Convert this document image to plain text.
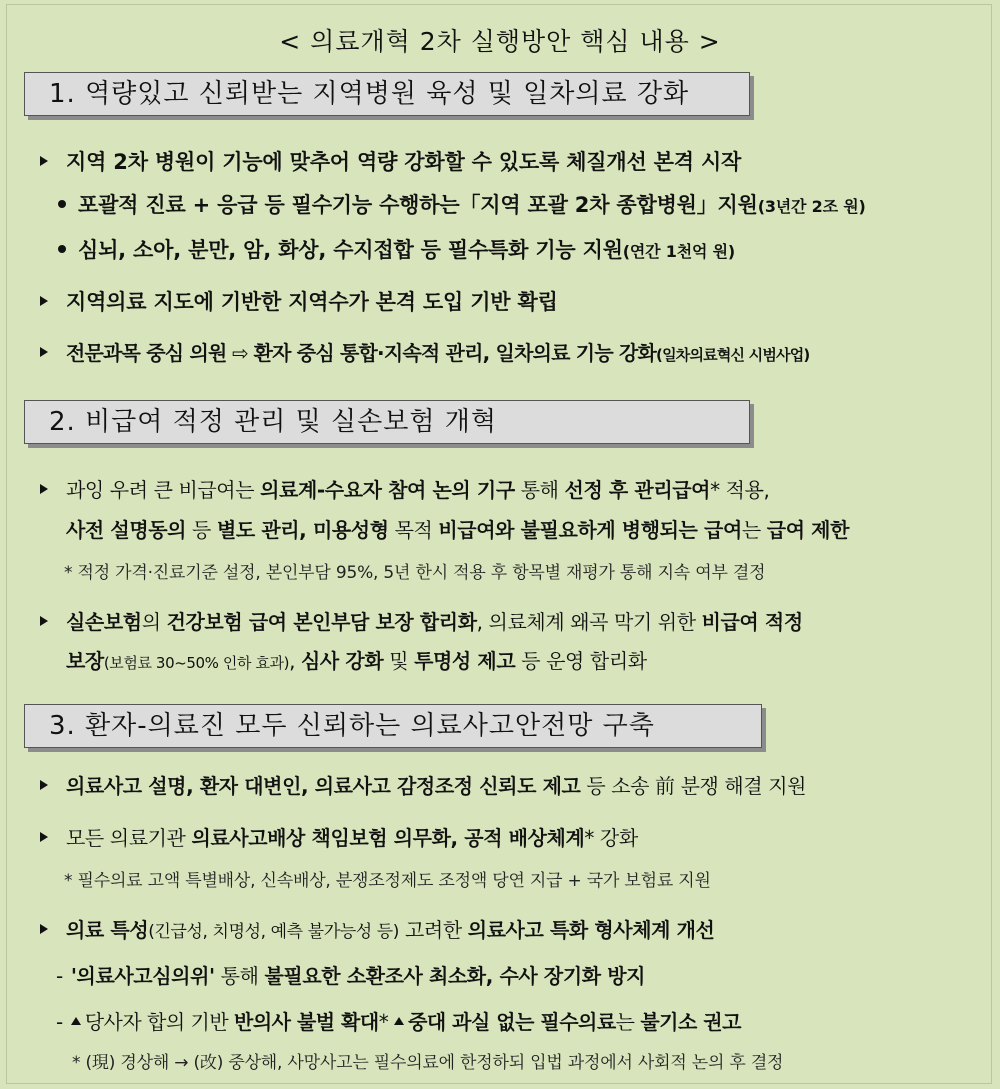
< 의료개혁 2차 실행방안 핵심 내용 >
1. 역량있고 신뢰받는 지역병원 육성 및 일차의료 강화
지역 2차 병원이 기능에 맞추어 역량 강화할 수 있도록 체질개선 본격 시작
포괄적 진료 + 응급 등 필수기능 수행하는「지역 포괄 2차 종합병원」지원(3년간 2조 원)
심뇌, 소아, 분만, 암, 화상, 수지접합 등 필수특화 기능 지원(연간 1천억 원)
지역의료 지도에 기반한 지역수가 본격 도입 기반 확립
전문과목 중심 의원 ⇨ 환자 중심 통합·지속적 관리, 일차의료 기능 강화(일차의료혁신 시범사업)
2. 비급여 적정 관리 및 실손보험 개혁
과잉 우려 큰 비급여는 의료계-수요자 참여 논의 기구 통해 선정 후 관리급여* 적용,
사전 설명동의 등 별도 관리, 미용성형 목적 비급여와 불필요하게 병행되는 급여는 급여 제한
* 적정 가격·진료기준 설정, 본인부담 95%, 5년 한시 적용 후 항목별 재평가 통해 지속 여부 결정
실손보험의 건강보험 급여 본인부담 보장 합리화, 의료체계 왜곡 막기 위한 비급여 적정
보장(보험료 30~50% 인하 효과), 심사 강화 및 투명성 제고 등 운영 합리화
3. 환자-의료진 모두 신뢰하는 의료사고안전망 구축
의료사고 설명, 환자 대변인, 의료사고 감정조정 신뢰도 제고 등 소송 前 분쟁 해결 지원
모든 의료기관 의료사고배상 책임보험 의무화, 공적 배상체계* 강화
* 필수의료 고액 특별배상, 신속배상, 분쟁조정제도 조정액 당연 지급 + 국가 보험료 지원
의료 특성(긴급성, 치명성, 예측 불가능성 등) 고려한 의료사고 특화 형사체계 개선
- '의료사고심의위' 통해 불필요한 소환조사 최소화, 수사 장기화 방지
- 당사자 합의 기반 반의사 불벌 확대* 중대 과실 없는 필수의료는 불기소 권고
* (現) 경상해 → (改) 중상해, 사망사고는 필수의료에 한정하되 입법 과정에서 사회적 논의 후 결정
